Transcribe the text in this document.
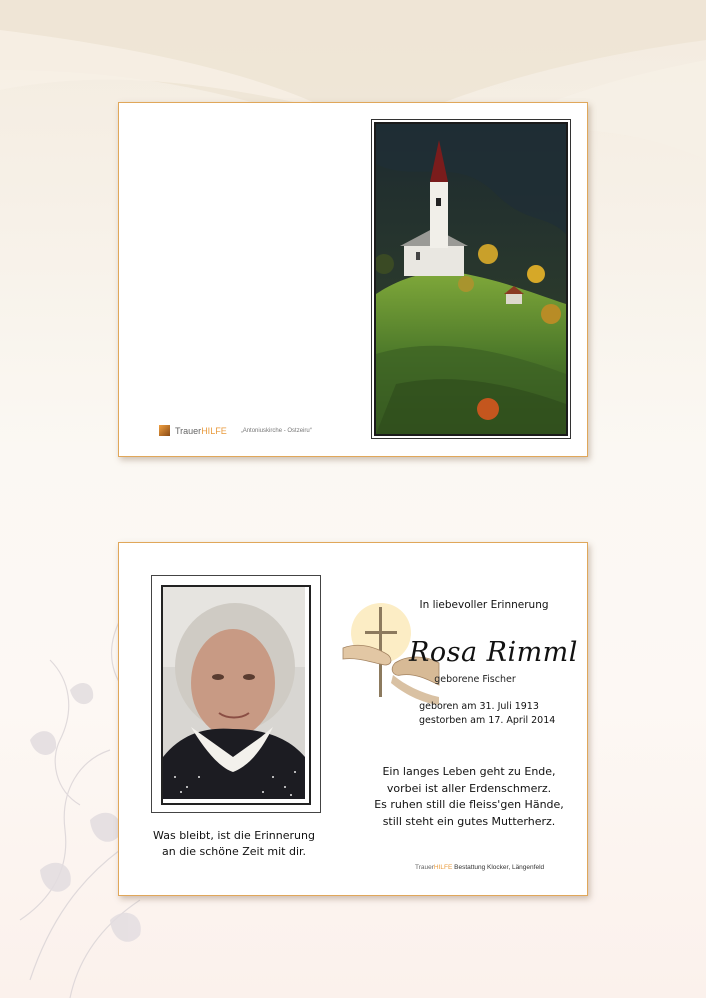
Trauer HILFE „Antoniuskirche - Ostzeiru“
Was bleibt, ist die Erinnerung
an die schöne Zeit mit dir.
In liebevoller Erinnerung
Rosa Rimml
geborene Fischer
geboren am 31. Juli 1913
gestorben am 17. April 2014
Ein langes Leben geht zu Ende,
vorbei ist aller Erdenschmerz.
Es ruhen still die fleiss'gen Hände,
still steht ein gutes Mutterherz.
TrauerHILFE Bestattung Klocker, Längenfeld
